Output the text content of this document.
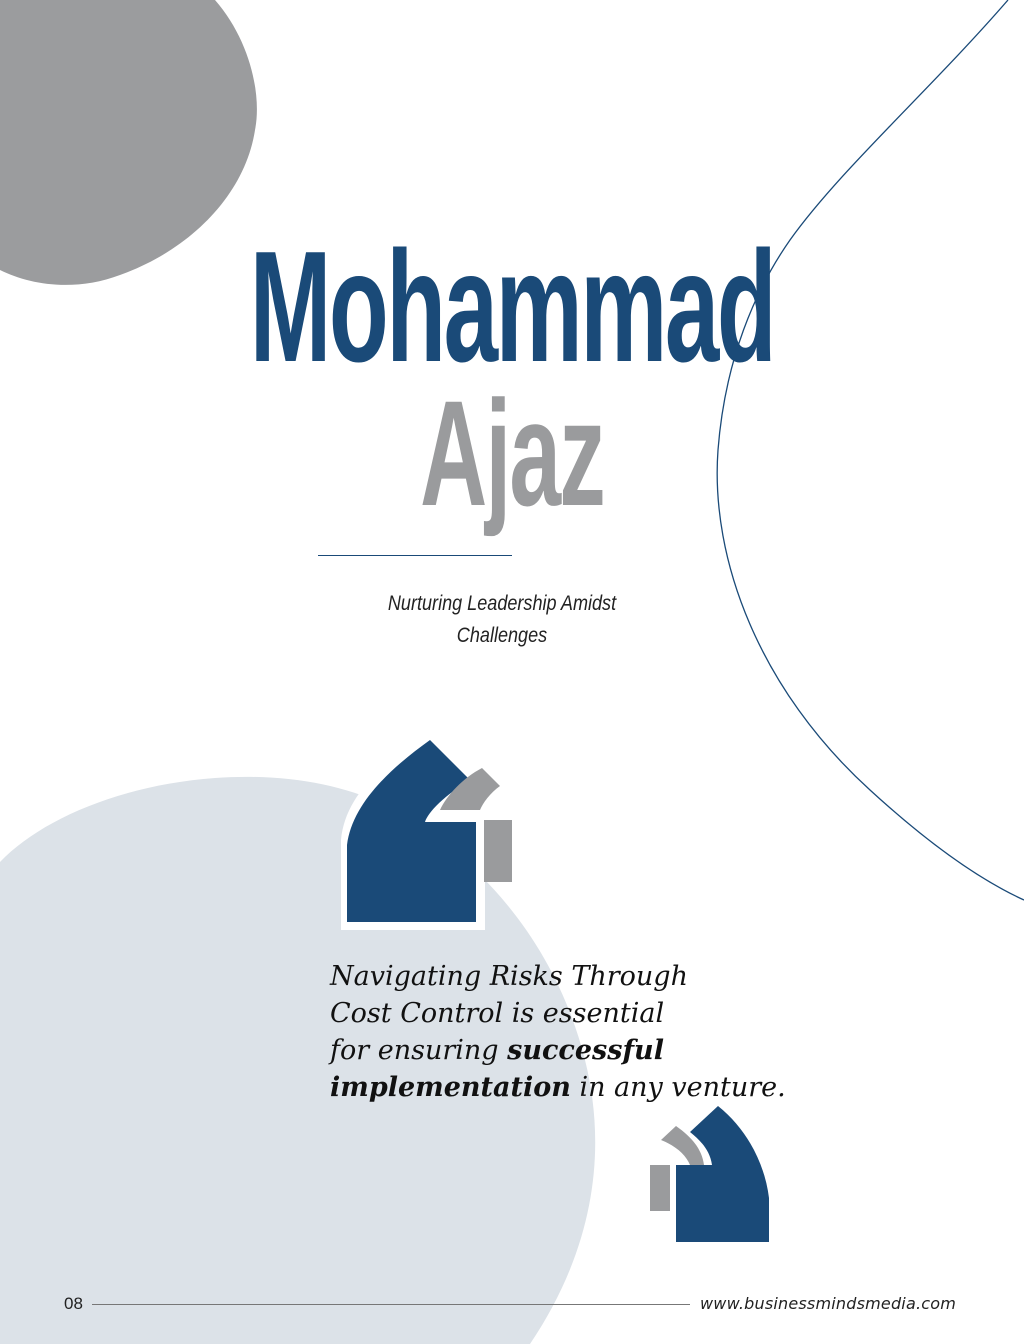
Mohammad
Ajaz
Nurturing Leadership Amidst
Challenges
Navigating Risks Through
Cost Control is essential
for ensuring successful
implementation in any venture.
08	www.businessmindsmedia.com
